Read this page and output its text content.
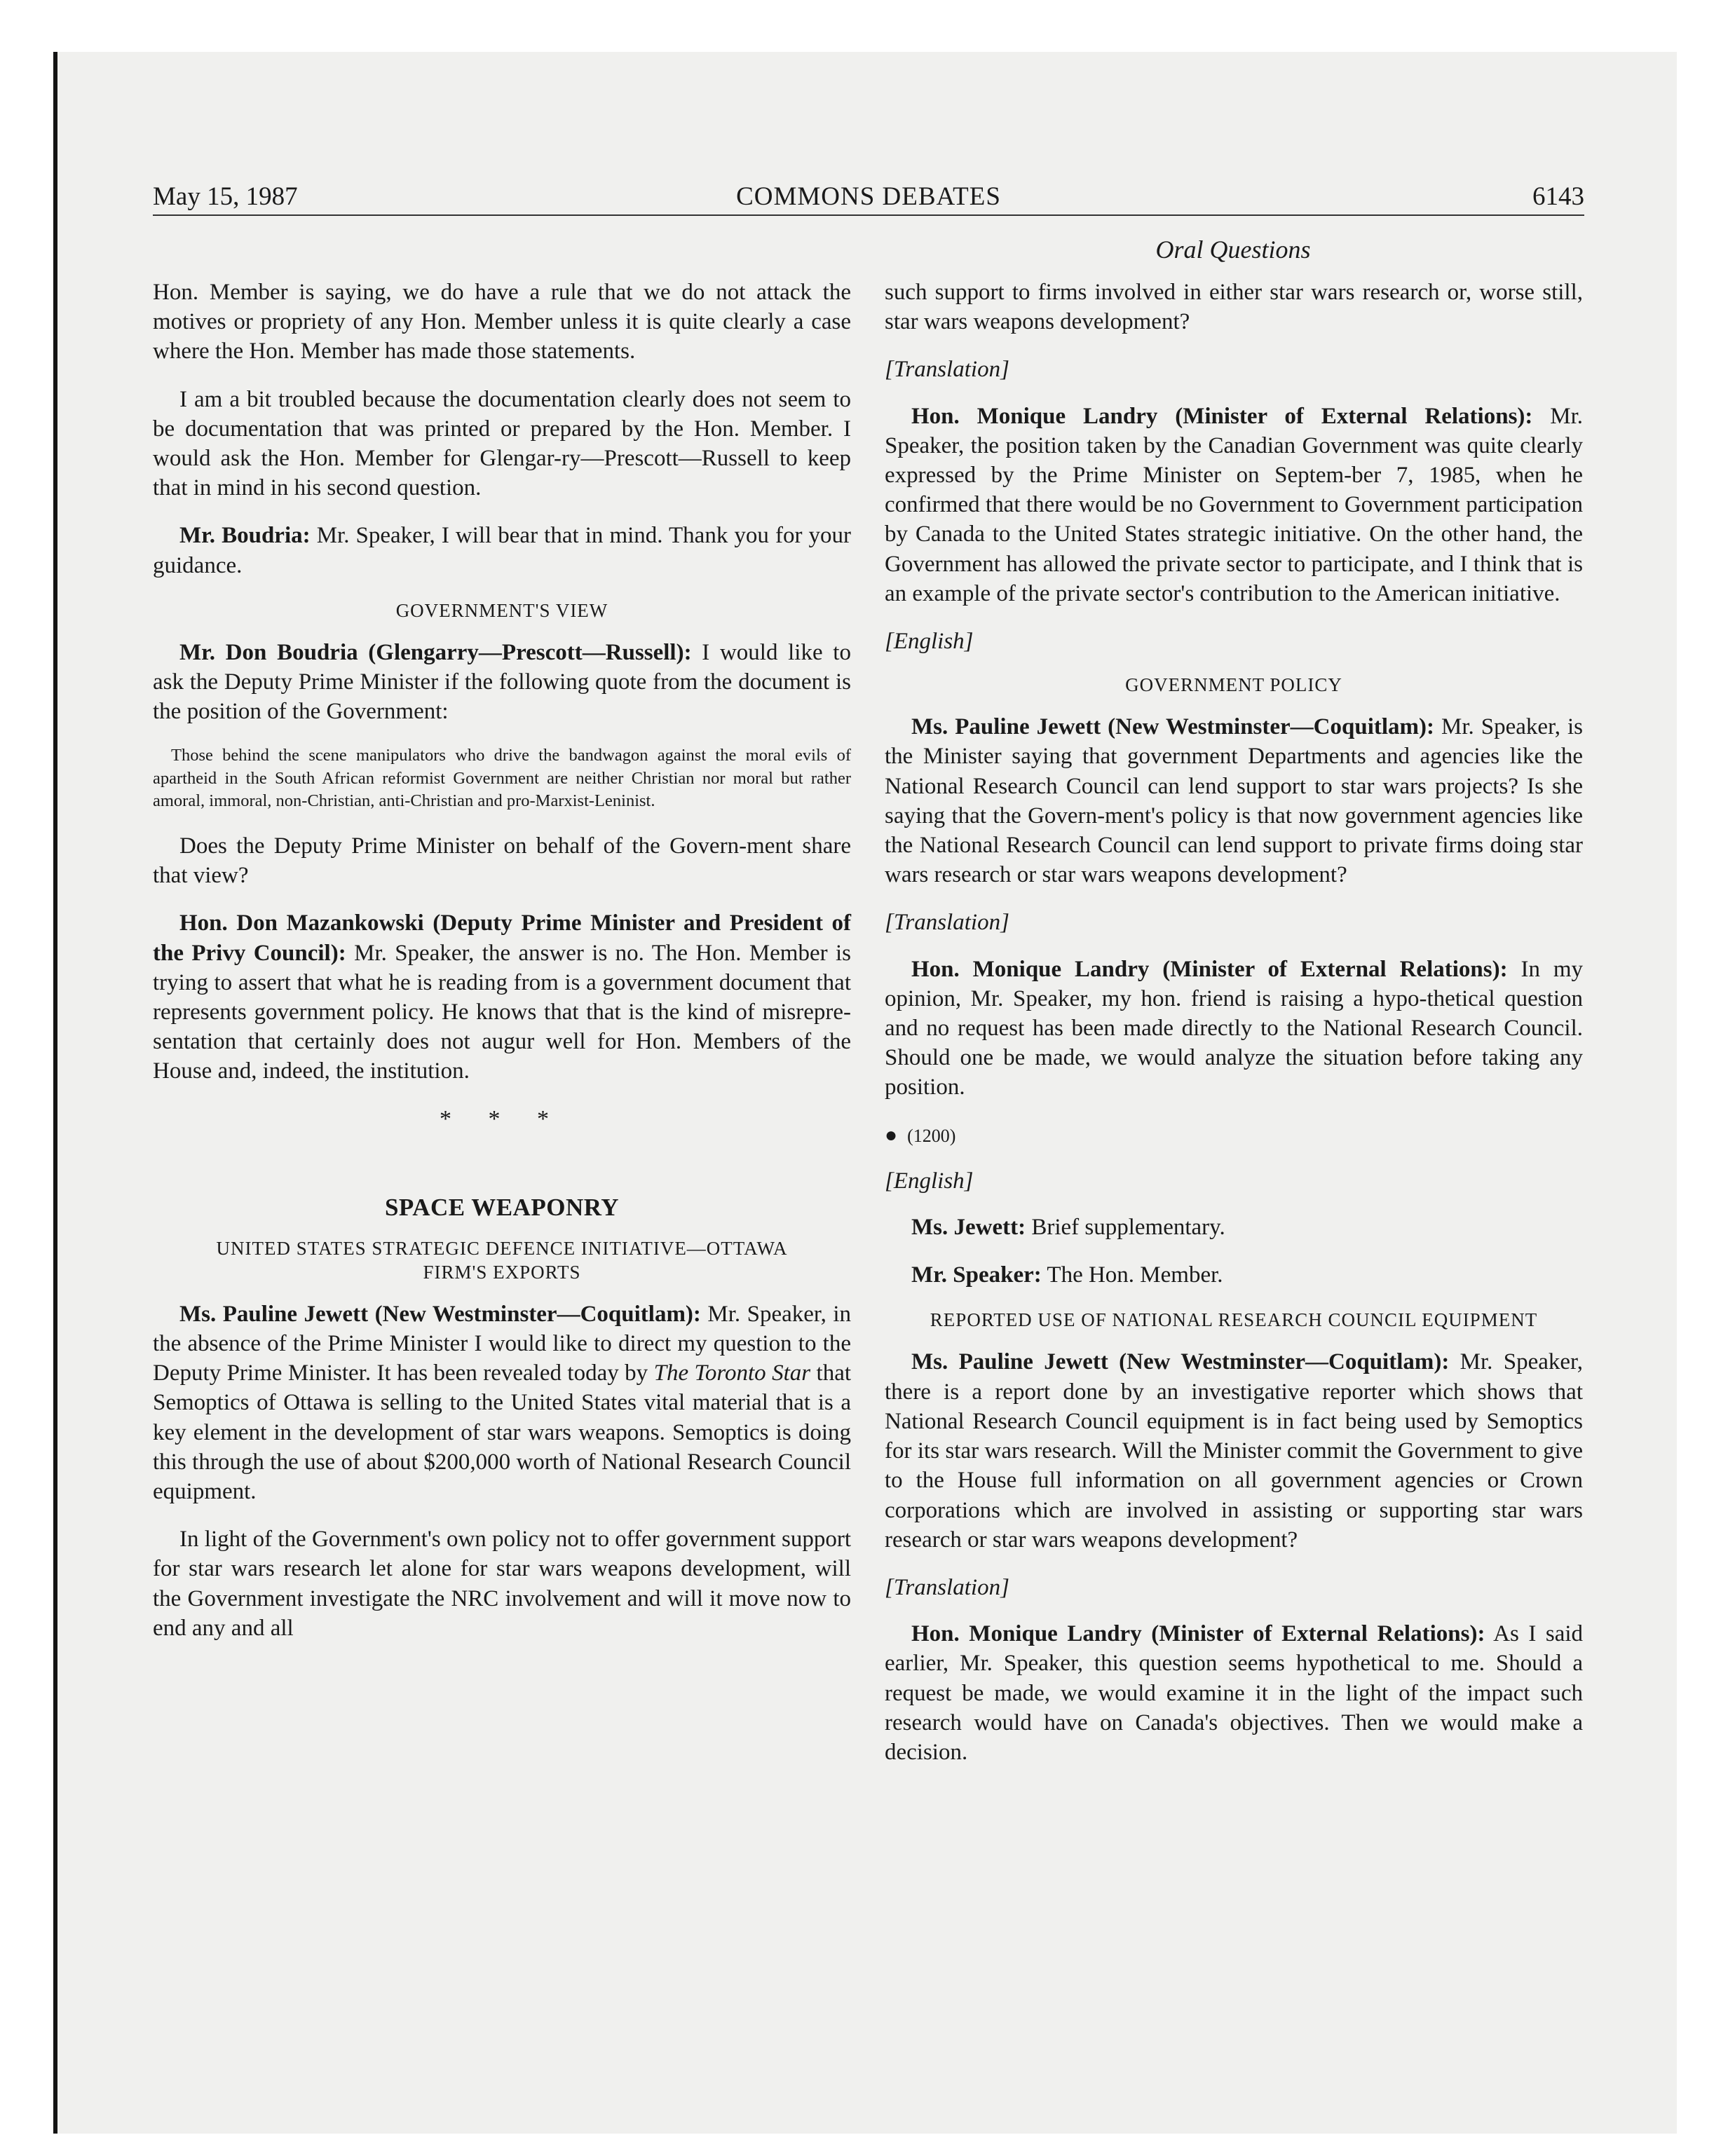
May 15, 1987	COMMONS DEBATES	6143
Oral Questions

Hon. Member is saying, we do have a rule that we do not attack the motives or propriety of any Hon. Member unless it is quite clearly a case where the Hon. Member has made those statements.

I am a bit troubled because the documentation clearly does not seem to be documentation that was printed or prepared by the Hon. Member. I would ask the Hon. Member for Glengar-ry—Prescott—Russell to keep that in mind in his second question.

Mr. Boudria: Mr. Speaker, I will bear that in mind. Thank you for your guidance.

GOVERNMENT'S VIEW

Mr. Don Boudria (Glengarry—Prescott—Russell): I would like to ask the Deputy Prime Minister if the following quote from the document is the position of the Government:

Those behind the scene manipulators who drive the bandwagon against the moral evils of apartheid in the South African reformist Government are neither Christian nor moral but rather amoral, immoral, non-Christian, anti-Christian and pro-Marxist-Leninist.

Does the Deputy Prime Minister on behalf of the Govern-ment share that view?

Hon. Don Mazankowski (Deputy Prime Minister and President of the Privy Council): Mr. Speaker, the answer is no. The Hon. Member is trying to assert that what he is reading from is a government document that represents government policy. He knows that that is the kind of misrepre-sentation that certainly does not augur well for Hon. Members of the House and, indeed, the institution.

* * *
SPACE WEAPONRY
UNITED STATES STRATEGIC DEFENCE INITIATIVE—OTTAWA
FIRM'S EXPORTS

Ms. Pauline Jewett (New Westminster—Coquitlam): Mr. Speaker, in the absence of the Prime Minister I would like to direct my question to the Deputy Prime Minister. It has been revealed today by The Toronto Star that Semoptics of Ottawa is selling to the United States vital material that is a key element in the development of star wars weapons. Semoptics is doing this through the use of about $200,000 worth of National Research Council equipment.

In light of the Government's own policy not to offer government support for star wars research let alone for star wars weapons development, will the Government investigate the NRC involvement and will it move now to end any and all

such support to firms involved in either star wars research or, worse still, star wars weapons development?

[Translation]

Hon. Monique Landry (Minister of External Relations): Mr. Speaker, the position taken by the Canadian Government was quite clearly expressed by the Prime Minister on Septem-ber 7, 1985, when he confirmed that there would be no Government to Government participation by Canada to the United States strategic initiative. On the other hand, the Government has allowed the private sector to participate, and I think that is an example of the private sector's contribution to the American initiative.

[English]

GOVERNMENT POLICY

Ms. Pauline Jewett (New Westminster—Coquitlam): Mr. Speaker, is the Minister saying that government Departments and agencies like the National Research Council can lend support to star wars projects? Is she saying that the Govern-ment's policy is that now government agencies like the National Research Council can lend support to private firms doing star wars research or star wars weapons development?

[Translation]

Hon. Monique Landry (Minister of External Relations): In my opinion, Mr. Speaker, my hon. friend is raising a hypo-thetical question and no request has been made directly to the National Research Council. Should one be made, we would analyze the situation before taking any position.

● (1200)

[English]

Ms. Jewett: Brief supplementary.

Mr. Speaker: The Hon. Member.

REPORTED USE OF NATIONAL RESEARCH COUNCIL EQUIPMENT

Ms. Pauline Jewett (New Westminster—Coquitlam): Mr. Speaker, there is a report done by an investigative reporter which shows that National Research Council equipment is in fact being used by Semoptics for its star wars research. Will the Minister commit the Government to give to the House full information on all government agencies or Crown corporations which are involved in assisting or supporting star wars research or star wars weapons development?

[Translation]

Hon. Monique Landry (Minister of External Relations): As I said earlier, Mr. Speaker, this question seems hypothetical to me. Should a request be made, we would examine it in the light of the impact such research would have on Canada's objectives. Then we would make a decision.
